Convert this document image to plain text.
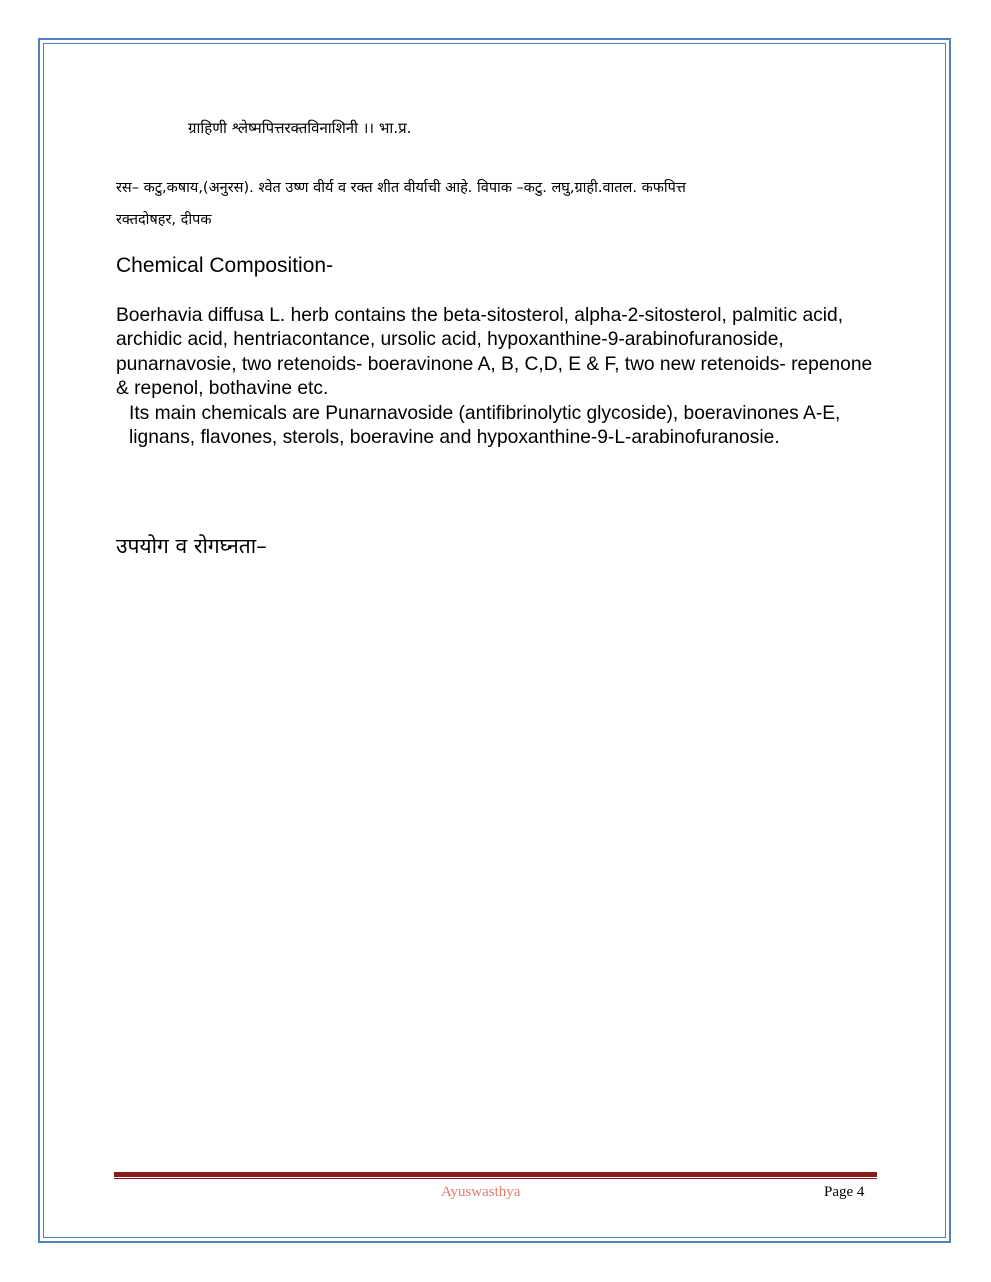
ग्राहिणी श्लेष्मपित्तरक्तविनाशिनी ।। भा.प्र.
रस– कटु,कषाय,(अनुरस). श्वेत उष्ण वीर्य व रक्त शीत वीर्याची आहे. विपाक –कटु. लघु,ग्राही.वातल. कफपित्त
रक्तदोषहर, दीपक
Chemical Composition-

Boerhavia diffusa L. herb contains the beta-sitosterol, alpha-2-sitosterol, palmitic acid, archidic acid, hentriacontance, ursolic acid, hypoxanthine-9-arabinofuranoside, punarnavosie, two retenoids- boeravinone A, B, C,D, E & F, two new retenoids- repenone & repenol, bothavine etc.

Its main chemicals are Punarnavoside (antifibrinolytic glycoside), boeravinones A-E, lignans, flavones, sterols, boeravine and hypoxanthine-9-L-arabinofuranosie.

उपयोग व रोगघ्नता–
Ayuswasthya	Page 4
